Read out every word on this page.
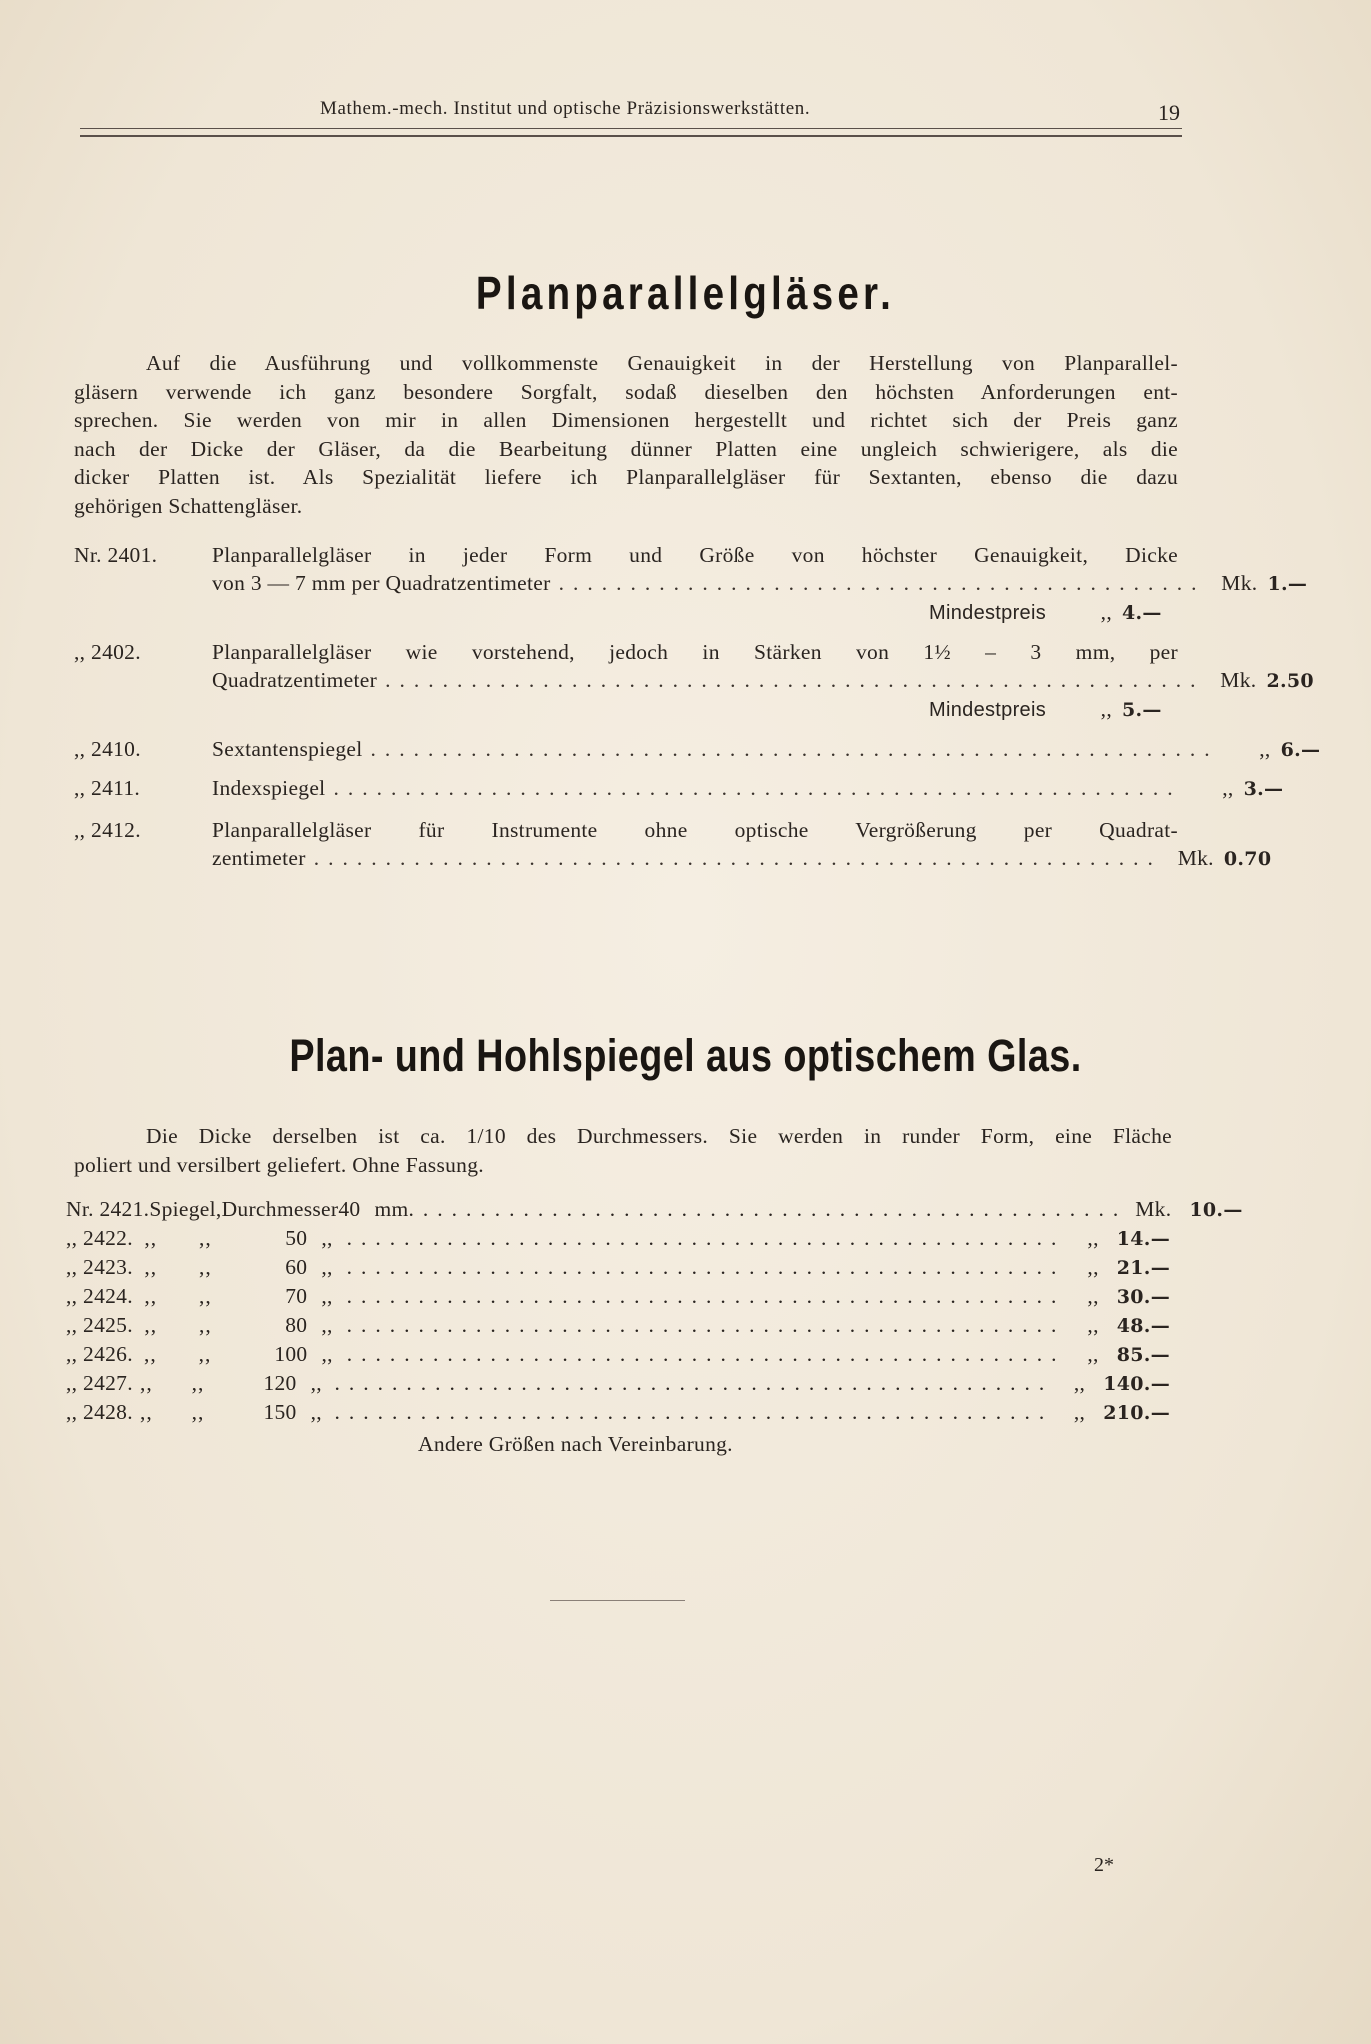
Mathem.-mech. Institut und optische Präzisionswerkstätten.	19
Planparallelgläser.
Auf die Ausführung und vollkommenste Genauigkeit in der Herstellung von Planparallel-
gläsern verwende ich ganz besondere Sorgfalt, sodaß dieselben den höchsten Anforderungen ent-
sprechen. Sie werden von mir in allen Dimensionen hergestellt und richtet sich der Preis ganz
nach der Dicke der Gläser, da die Bearbeitung dünner Platten eine ungleich schwierigere, als die
dicker Platten ist. Als Spezialität liefere ich Planparallelgläser für Sextanten, ebenso die dazu
gehörigen Schattengläser.
Nr. 2401.	Planparallelgläser in jeder Form und Größe von höchster Genauigkeit, Dicke
von 3 — 7 mm per Quadratzentimeter ............................................. Mk. 1.—
Mindestpreis	,, 4.—
,, 2402.	Planparallelgläser wie vorstehend, jedoch in Stärken von 1½ – 3 mm, per
Quadratzentimeter ......................................................... Mk. 2.50
Mindestpreis	,, 5.—
,, 2410.	Sextantenspiegel ...........................................................	,, 6.—
,, 2411.	Indexspiegel ...........................................................	,, 3.—
,, 2412.	Planparallelgläser für Instrumente ohne optische Vergrößerung per Quadrat-
zentimeter ........................................................... Mk. 0.70
Plan- und Hohlspiegel aus optischem Glas.
Die Dicke derselben ist ca. 1/10 des Durchmessers. Sie werden in runder Form, eine Fläche
poliert und versilbert geliefert. Ohne Fassung.
Nr. 2421. Spiegel, Durchmesser 40 mm .................................................. Mk. 10.—
,, 2422. ,,	,,	50 ,, ..................................................	,, 14.—
,, 2423. ,,	,,	60 ,, ..................................................	,, 21.—
,, 2424. ,,	,,	70 ,, ..................................................	,, 30.—
,, 2425. ,,	,,	80 ,, ..................................................	,, 48.—
,, 2426. ,,	,,	100 ,, ..................................................	,, 85.—
,, 2427. ,,	,,	120 ,, .................................................. ,, 140.—
,, 2428. ,,	,,	150 ,, .................................................. ,, 210.—
Andere Größen nach Vereinbarung.
2*
